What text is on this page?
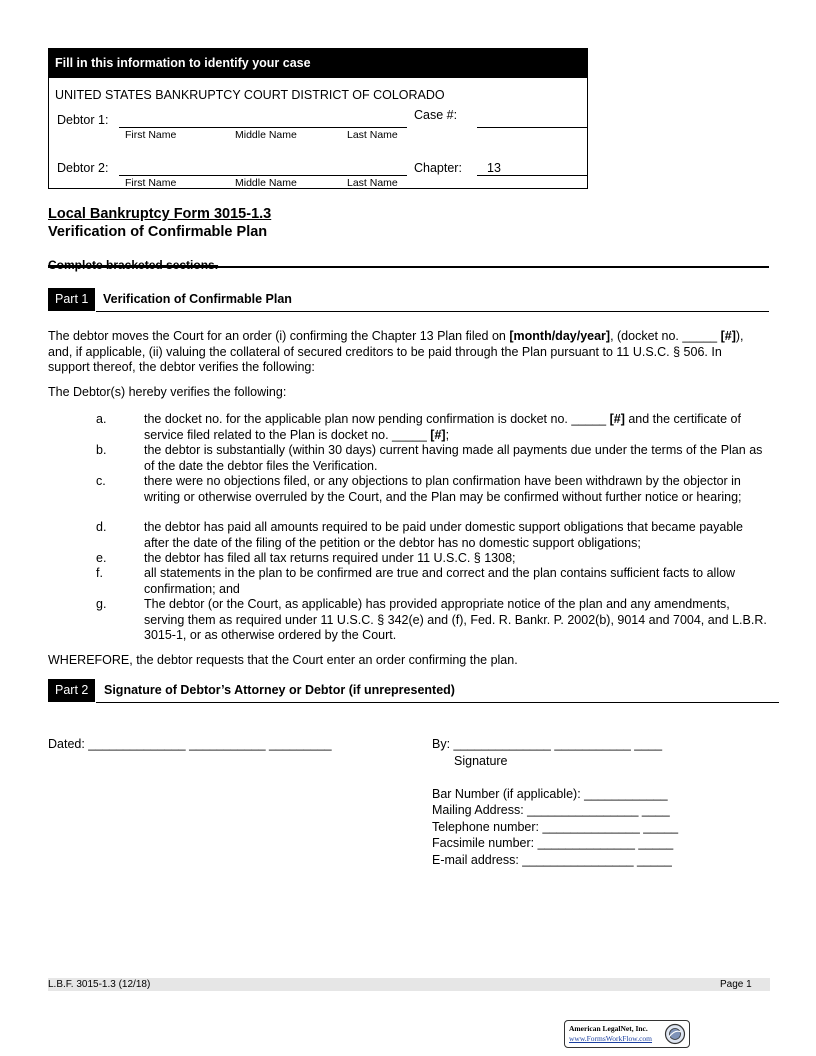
Fill in this information to identify your case
UNITED STATES BANKRUPTCY COURT DISTRICT OF COLORADO
Debtor 1:
First Name	Middle Name	Last Name
Case #:
Debtor 2:
First Name	Middle Name	Last Name
Chapter: 13
Local Bankruptcy Form 3015-1.3
Verification of Confirmable Plan
Complete bracketed sections.
Part 1	Verification of Confirmable Plan
The debtor moves the Court for an order (i) confirming the Chapter 13 Plan filed on [month/day/year], (docket no. _____ [#]), and, if applicable, (ii) valuing the collateral of secured creditors to be paid through the Plan pursuant to 11 U.S.C. § 506. In support thereof, the debtor verifies the following:
The Debtor(s) hereby verifies the following:
a.	the docket no. for the applicable plan now pending confirmation is docket no. _____ [#] and the certificate of service filed related to the Plan is docket no. _____ [#];
b.	the debtor is substantially (within 30 days) current having made all payments due under the terms of the Plan as of the date the debtor files the Verification.
c.	there were no objections filed, or any objections to plan confirmation have been withdrawn by the objector in writing or otherwise overruled by the Court, and the Plan may be confirmed without further notice or hearing;
d.	the debtor has paid all amounts required to be paid under domestic support obligations that became payable after the date of the filing of the petition or the debtor has no domestic support obligations;
e.	the debtor has filed all tax returns required under 11 U.S.C. § 1308;
f.	all statements in the plan to be confirmed are true and correct and the plan contains sufficient facts to allow confirmation; and
g.	The debtor (or the Court, as applicable) has provided appropriate notice of the plan and any amendments, serving them as required under 11 U.S.C. § 342(e) and (f), Fed. R. Bankr. P. 2002(b), 9014 and 7004, and L.B.R. 3015-1, or as otherwise ordered by the Court.
WHEREFORE, the debtor requests that the Court enter an order confirming the plan.
Part 2	Signature of Debtor’s Attorney or Debtor (if unrepresented)
Dated: ______________ ___________ _________	By: ______________ ___________ ____
Signature
Bar Number (if applicable): ____________
Mailing Address: ________________ ____
Telephone number: ______________ _____
Facsimile number: ______________ _____
E-mail address: ________________ _____
L.B.F. 3015-1.3 (12/18)	Page 1
American LegalNet, Inc.
www.FormsWorkFlow.com
